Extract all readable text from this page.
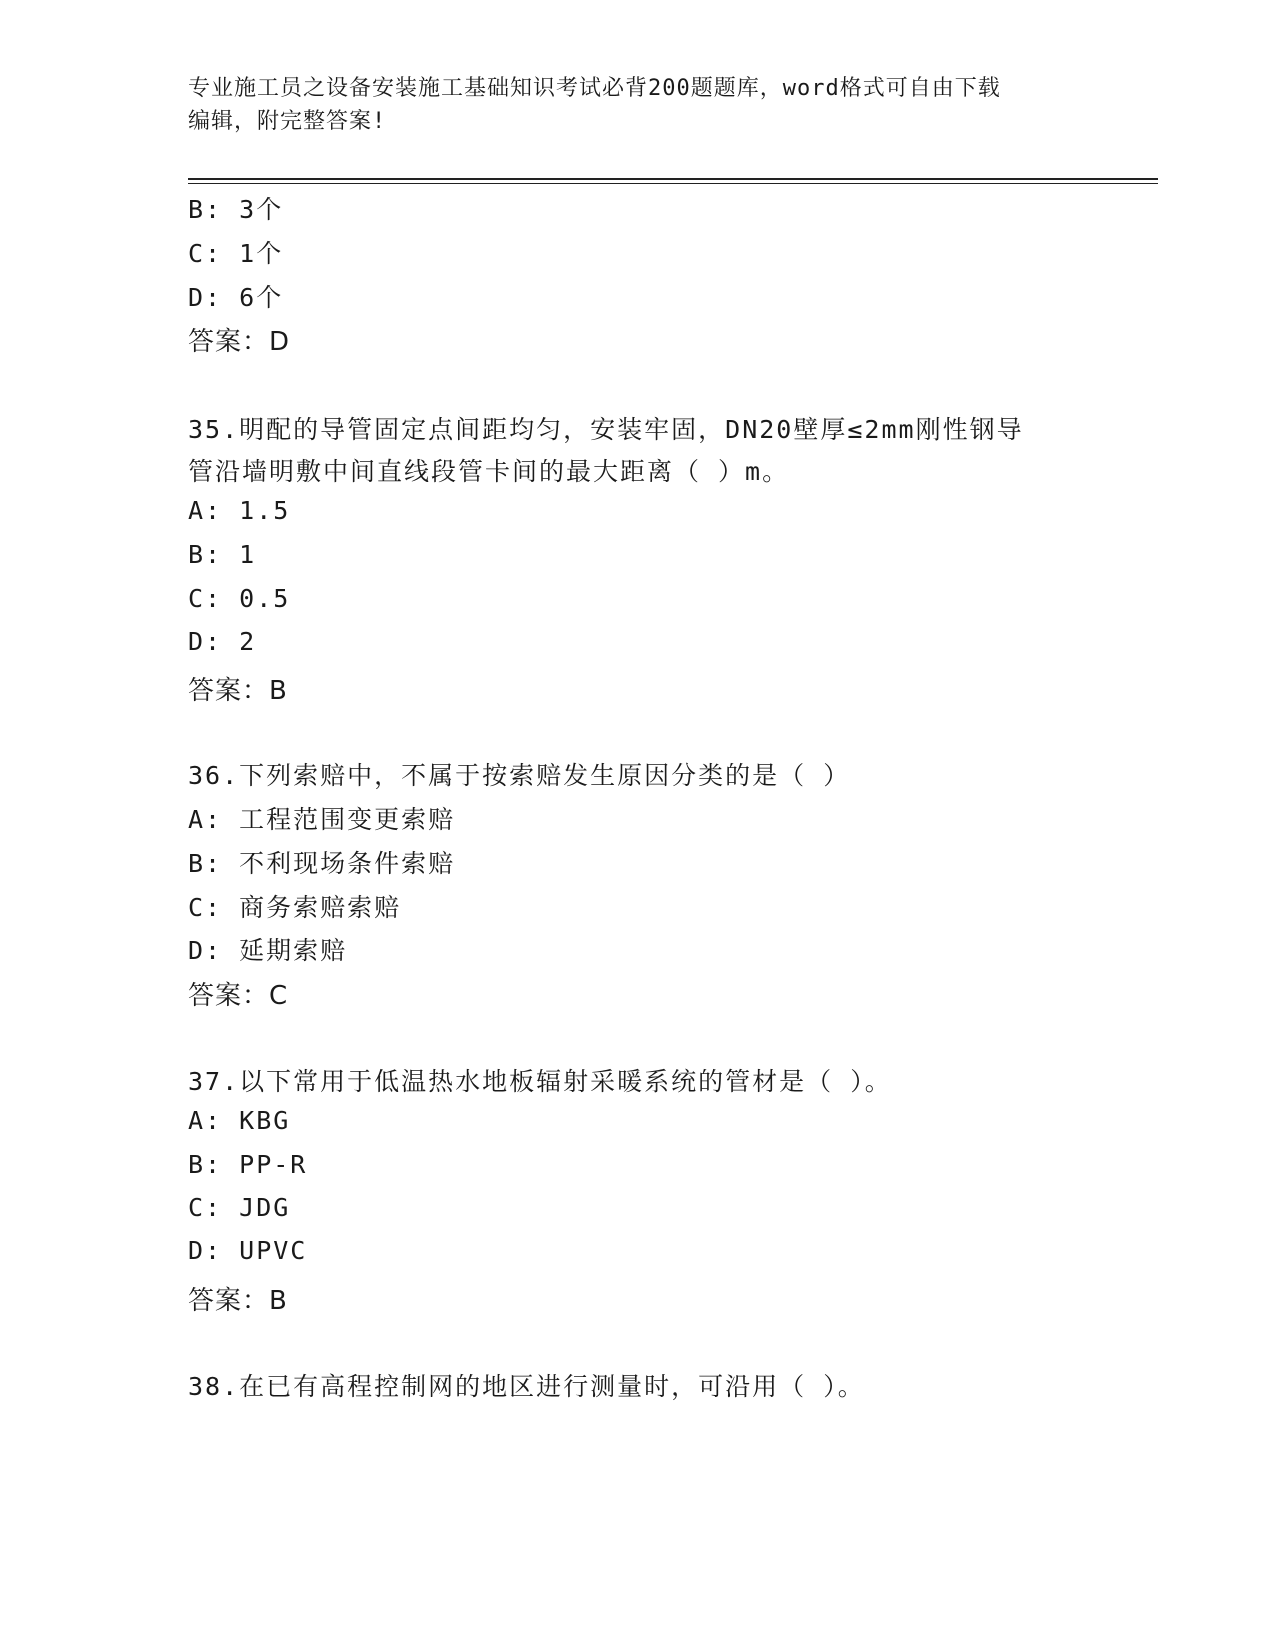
专业施工员之设备安装施工基础知识考试必背200题题库，word格式可自由下载
编辑，附完整答案!
B: 3个
C: 1个
D: 6个
答案：D
35.明配的导管固定点间距均匀，安装牢固，DN20壁厚≤2mm刚性钢导
管沿墙明敷中间直线段管卡间的最大距离（ ）m。
A: 1.5
B: 1
C: 0.5
D: 2
答案：B
36.下列索赔中，不属于按索赔发生原因分类的是（ ）
A: 工程范围变更索赔
B: 不利现场条件索赔
C: 商务索赔索赔
D: 延期索赔
答案：C
37.以下常用于低温热水地板辐射采暖系统的管材是（ ）。
A: KBG
B: PP-R
C: JDG
D: UPVC
答案：B
38.在已有高程控制网的地区进行测量时，可沿用（ ）。
